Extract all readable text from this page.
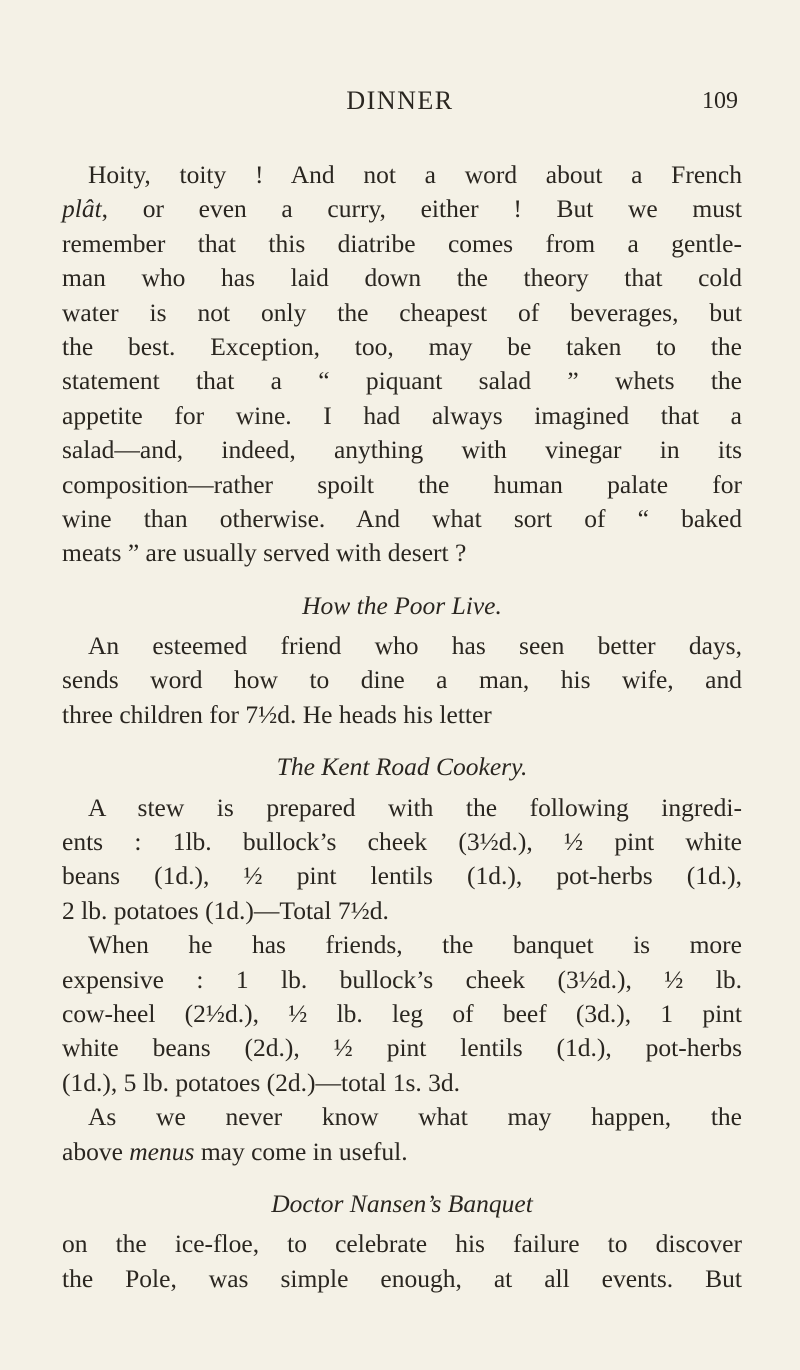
DINNER	109
Hoity, toity ! And not a word about a French
plât, or even a curry, either ! But we must
remember that this diatribe comes from a gentle-
man who has laid down the theory that cold
water is not only the cheapest of beverages, but
the best. Exception, too, may be taken to the
statement that a “ piquant salad ” whets the
appetite for wine. I had always imagined that a
salad—and, indeed, anything with vinegar in its
composition—rather spoilt the human palate for
wine than otherwise. And what sort of “ baked
meats ” are usually served with desert ?
How the Poor Live.
An esteemed friend who has seen better days,
sends word how to dine a man, his wife, and
three children for 7½d. He heads his letter
The Kent Road Cookery.
A stew is prepared with the following ingredi-
ents : 1lb. bullock’s cheek (3½d.), ½ pint white
beans (1d.), ½ pint lentils (1d.), pot-herbs (1d.),
2 lb. potatoes (1d.)—Total 7½d.
When he has friends, the banquet is more
expensive : 1 lb. bullock’s cheek (3½d.), ½ lb.
cow-heel (2½d.), ½ lb. leg of beef (3d.), 1 pint
white beans (2d.), ½ pint lentils (1d.), pot-herbs
(1d.), 5 lb. potatoes (2d.)—total 1s. 3d.
As we never know what may happen, the
above menus may come in useful.
Doctor Nansen’s Banquet
on the ice-floe, to celebrate his failure to discover
the Pole, was simple enough, at all events. But
